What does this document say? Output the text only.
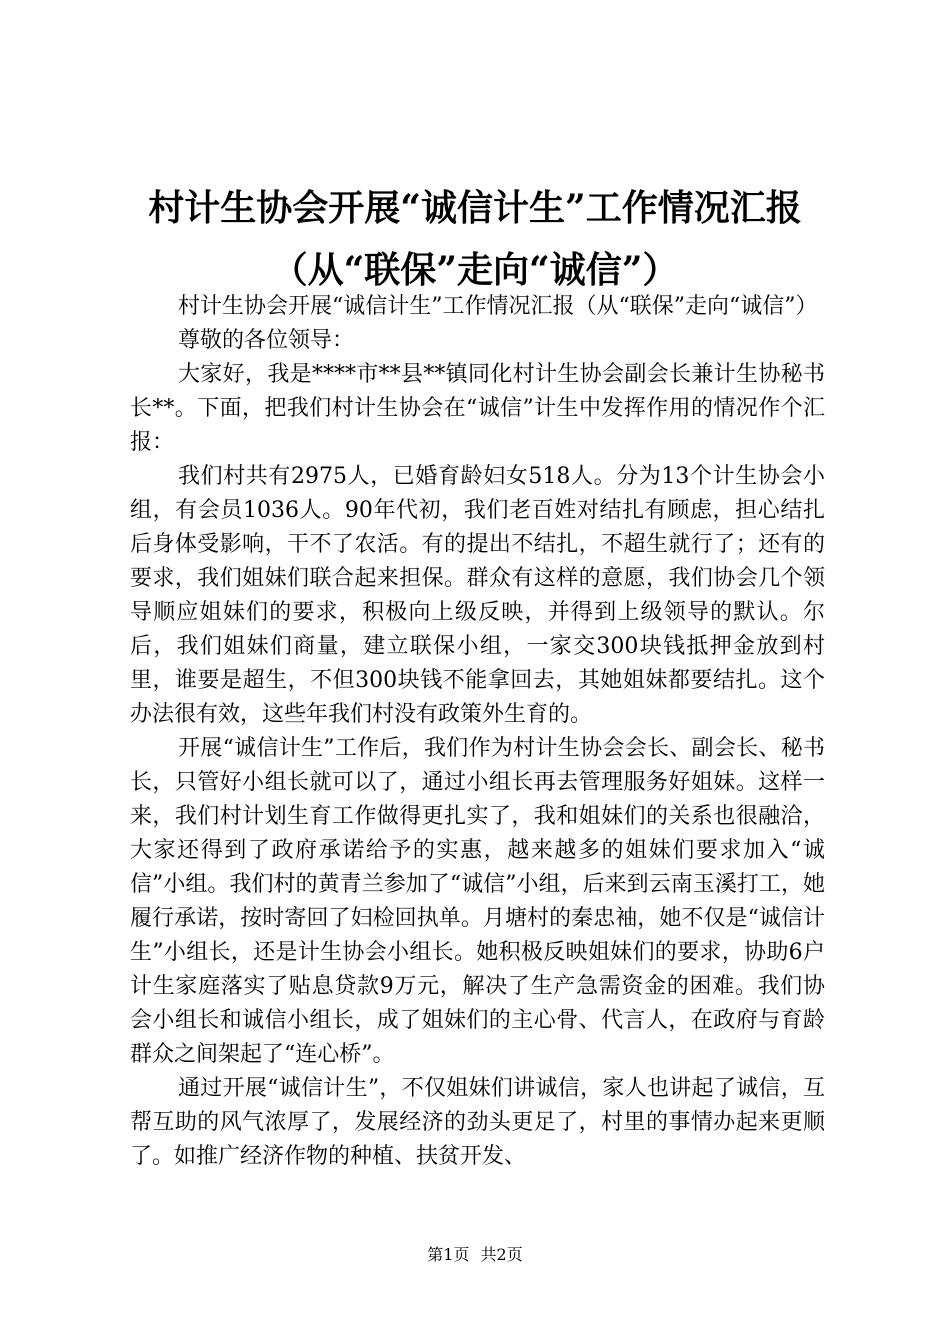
村计生协会开展“诚信计生”工作情况汇报
（从“联保”走向“诚信”）

村计生协会开展“诚信计生”工作情况汇报（从“联保”走向“诚信”）

尊敬的各位领导：

大家好，我是****市**县**镇同化村计生协会副会长兼计生协秘书长**。下面，把我们村计生协会在“诚信”计生中发挥作用的情况作个汇报：

我们村共有2975人，已婚育龄妇女518人。分为13个计生协会小组，有会员1036人。90年代初，我们老百姓对结扎有顾虑，担心结扎后身体受影响，干不了农活。有的提出不结扎，不超生就行了；还有的要求，我们姐妹们联合起来担保。群众有这样的意愿，我们协会几个领导顺应姐妹们的要求，积极向上级反映，并得到上级领导的默认。尔后，我们姐妹们商量，建立联保小组，一家交300块钱抵押金放到村里，谁要是超生，不但300块钱不能拿回去，其她姐妹都要结扎。这个办法很有效，这些年我们村没有政策外生育的。

开展“诚信计生”工作后，我们作为村计生协会会长、副会长、秘书长，只管好小组长就可以了，通过小组长再去管理服务好姐妹。这样一来，我们村计划生育工作做得更扎实了，我和姐妹们的关系也很融洽，大家还得到了政府承诺给予的实惠，越来越多的姐妹们要求加入“诚信”小组。我们村的黄青兰参加了“诚信”小组，后来到云南玉溪打工，她履行承诺，按时寄回了妇检回执单。月塘村的秦忠袖，她不仅是“诚信计生”小组长，还是计生协会小组长。她积极反映姐妹们的要求，协助6户计生家庭落实了贴息贷款9万元，解决了生产急需资金的困难。我们协会小组长和诚信小组长，成了姐妹们的主心骨、代言人，在政府与育龄群众之间架起了“连心桥”。

通过开展“诚信计生”，不仅姐妹们讲诚信，家人也讲起了诚信，互帮互助的风气浓厚了，发展经济的劲头更足了，村里的事情办起来更顺了。如推广经济作物的种植、扶贫开发、

第1页 共2页
